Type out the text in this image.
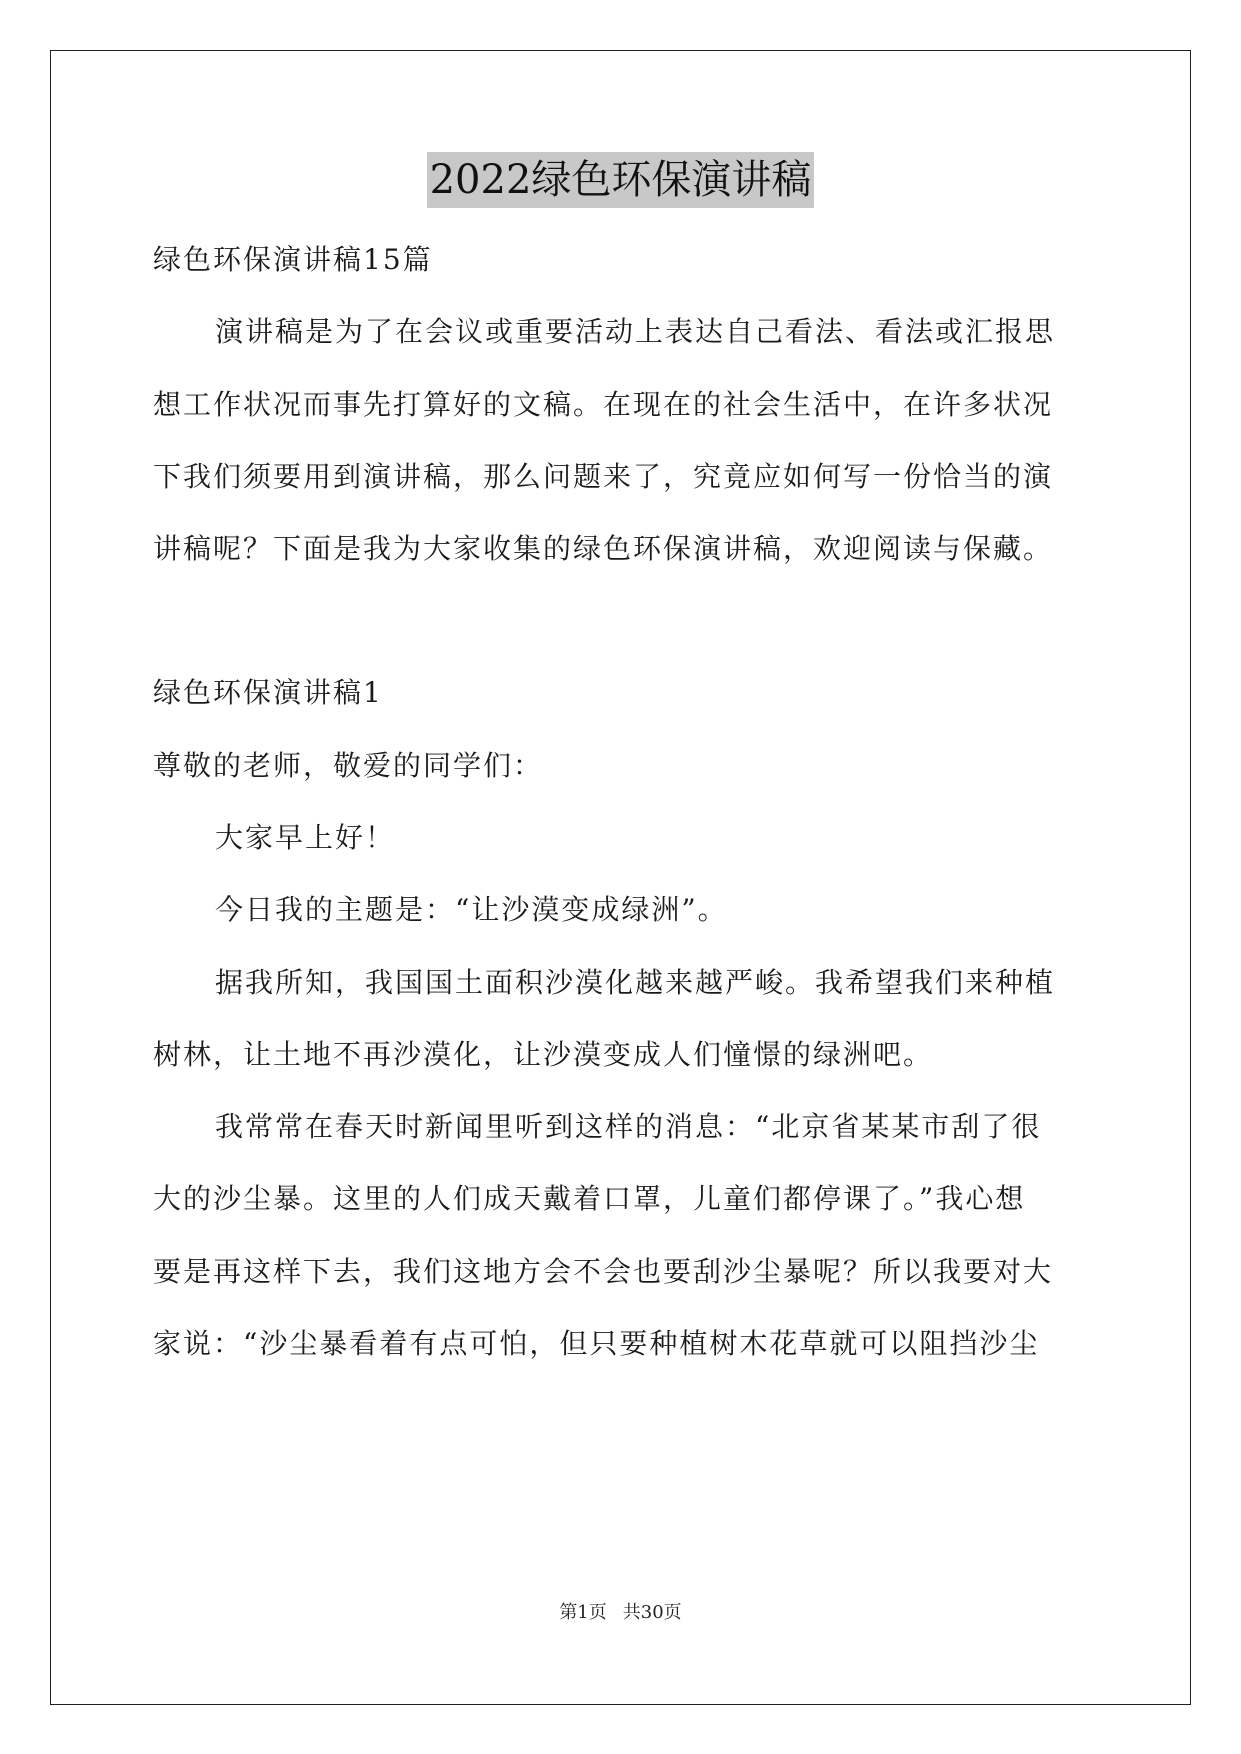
2022绿色环保演讲稿
绿色环保演讲稿15篇
演讲稿是为了在会议或重要活动上表达自己看法、看法或汇报思
想工作状况而事先打算好的文稿。在现在的社会生活中，在许多状况
下我们须要用到演讲稿，那么问题来了，究竟应如何写一份恰当的演
讲稿呢？下面是我为大家收集的绿色环保演讲稿，欢迎阅读与保藏。
绿色环保演讲稿1
尊敬的老师，敬爱的同学们：
大家早上好！
今日我的主题是：“让沙漠变成绿洲”。
据我所知，我国国土面积沙漠化越来越严峻。我希望我们来种植
树林，让土地不再沙漠化，让沙漠变成人们憧憬的绿洲吧。
我常常在春天时新闻里听到这样的消息：“北京省某某市刮了很
大的沙尘暴。这里的人们成天戴着口罩，儿童们都停课了。”我心想
要是再这样下去，我们这地方会不会也要刮沙尘暴呢？所以我要对大
家说：“沙尘暴看着有点可怕，但只要种植树木花草就可以阻挡沙尘
第1页 共30页
